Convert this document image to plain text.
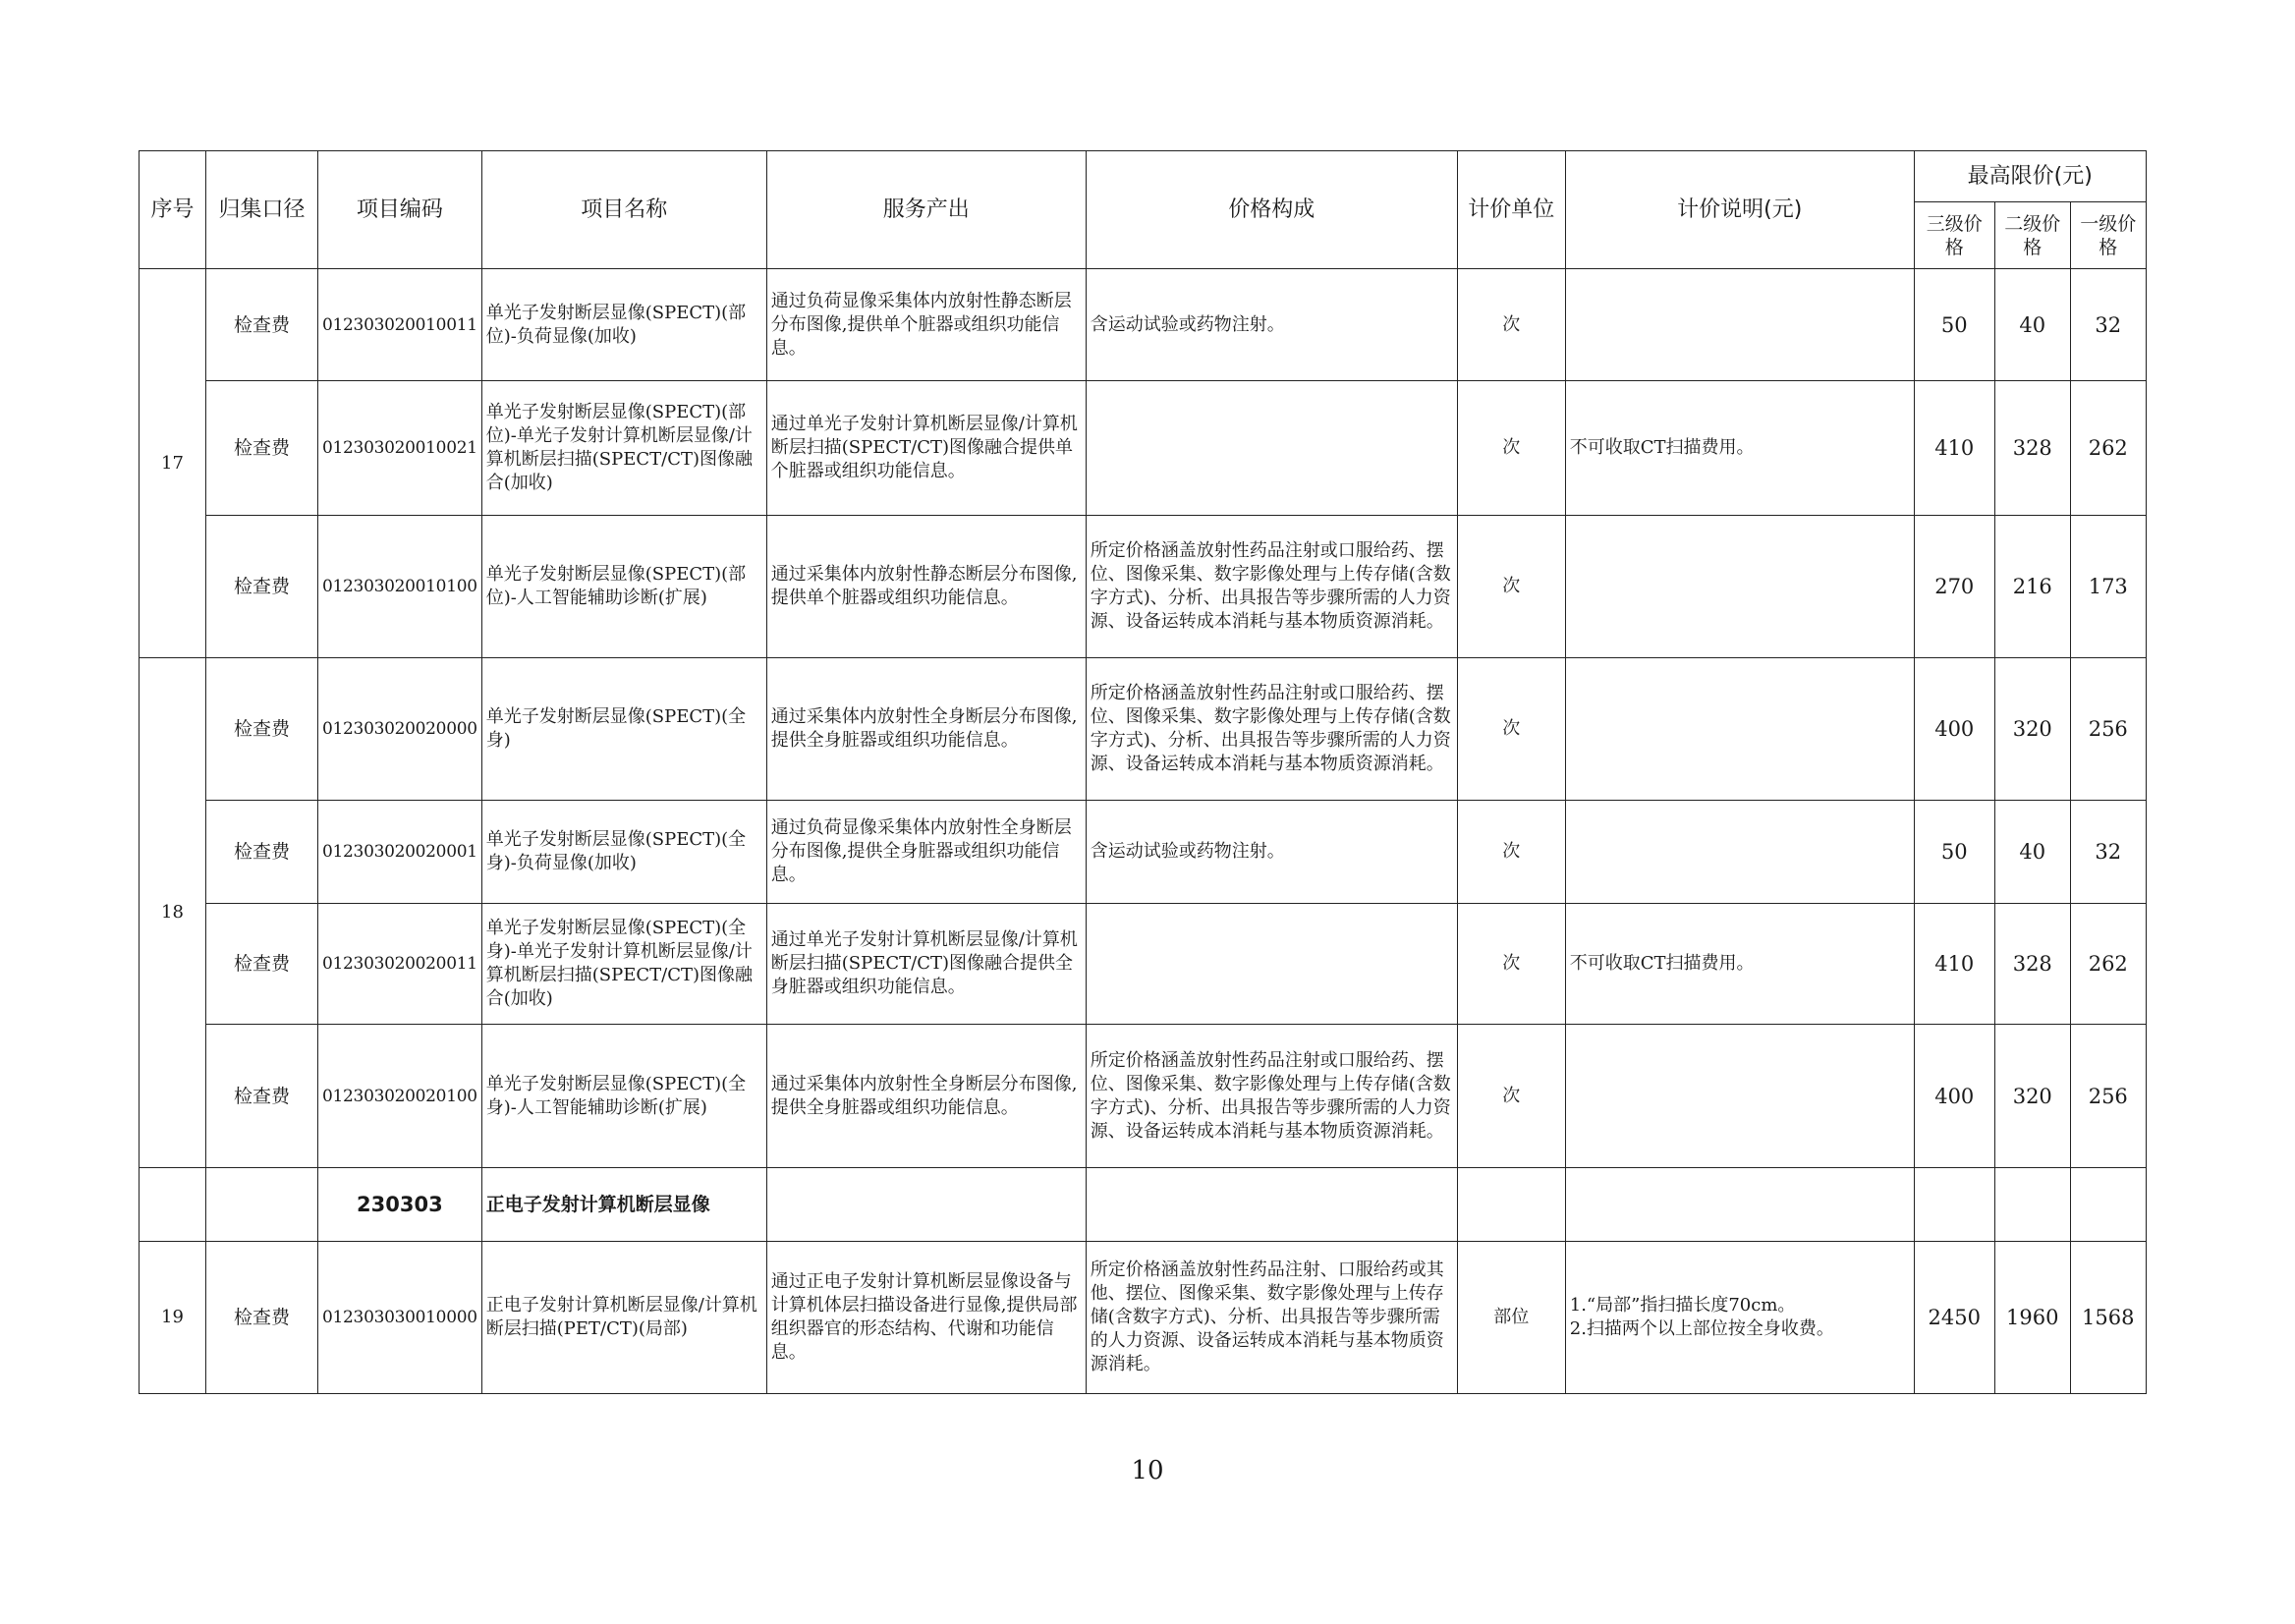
序号	归集口径	项目编码	项目名称	服务产出	价格构成	计价单位	计价说明(元)	最高限价(元)		
								三级价格	二级价格	一级价格
17	检查费	012303020010011	单光子发射断层显像(SPECT)(部位)-负荷显像(加收)	通过负荷显像采集体内放射性静态断层分布图像,提供单个脏器或组织功能信息。	含运动试验或药物注射。	次		50	40	32
	检查费	012303020010021	单光子发射断层显像(SPECT)(部位)-单光子发射计算机断层显像/计算机断层扫描(SPECT/CT)图像融合(加收)	通过单光子发射计算机断层显像/计算机断层扫描(SPECT/CT)图像融合提供单个脏器或组织功能信息。		次	不可收取CT扫描费用。	410	328	262
	检查费	012303020010100	单光子发射断层显像(SPECT)(部位)-人工智能辅助诊断(扩展)	通过采集体内放射性静态断层分布图像,提供单个脏器或组织功能信息。	所定价格涵盖放射性药品注射或口服给药、摆位、图像采集、数字影像处理与上传存储(含数字方式)、分析、出具报告等步骤所需的人力资源、设备运转成本消耗与基本物质资源消耗。	次		270	216	173
18	检查费	012303020020000	单光子发射断层显像(SPECT)(全身)	通过采集体内放射性全身断层分布图像,提供全身脏器或组织功能信息。	所定价格涵盖放射性药品注射或口服给药、摆位、图像采集、数字影像处理与上传存储(含数字方式)、分析、出具报告等步骤所需的人力资源、设备运转成本消耗与基本物质资源消耗。	次		400	320	256
	检查费	012303020020001	单光子发射断层显像(SPECT)(全身)-负荷显像(加收)	通过负荷显像采集体内放射性全身断层分布图像,提供全身脏器或组织功能信息。	含运动试验或药物注射。	次		50	40	32
	检查费	012303020020011	单光子发射断层显像(SPECT)(全身)-单光子发射计算机断层显像/计算机断层扫描(SPECT/CT)图像融合(加收)	通过单光子发射计算机断层显像/计算机断层扫描(SPECT/CT)图像融合提供全身脏器或组织功能信息。		次	不可收取CT扫描费用。	410	328	262
	检查费	012303020020100	单光子发射断层显像(SPECT)(全身)-人工智能辅助诊断(扩展)	通过采集体内放射性全身断层分布图像,提供全身脏器或组织功能信息。	所定价格涵盖放射性药品注射或口服给药、摆位、图像采集、数字影像处理与上传存储(含数字方式)、分析、出具报告等步骤所需的人力资源、设备运转成本消耗与基本物质资源消耗。	次		400	320	256
		230303	正电子发射计算机断层显像							
19	检查费	012303030010000	正电子发射计算机断层显像/计算机断层扫描(PET/CT)(局部)	通过正电子发射计算机断层显像设备与计算机体层扫描设备进行显像,提供局部组织器官的形态结构、代谢和功能信息。	所定价格涵盖放射性药品注射、口服给药或其他、摆位、图像采集、数字影像处理与上传存储(含数字方式)、分析、出具报告等步骤所需的人力资源、设备运转成本消耗与基本物质资源消耗。	部位	1.“局部”指扫描长度70cm。
2.扫描两个以上部位按全身收费。	2450	1960	1568
10
